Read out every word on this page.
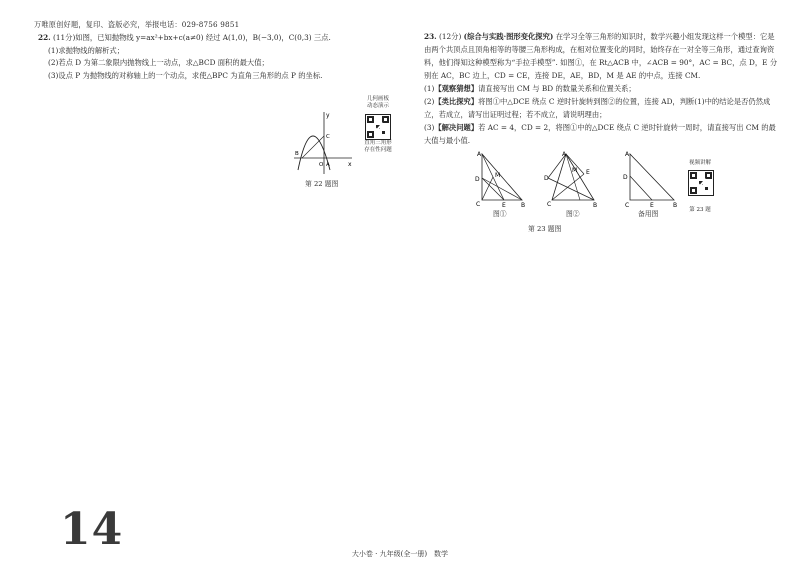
万唯原创好题，复印、盗版必究，举报电话：029-8756 9851
22. (11分)如图，已知抛物线 y=ax²+bx+c(a≠0) 经过 A(1,0)，B(−3,0)，C(0,3) 三点.
(1)求抛物线的解析式；
(2)若点 D 为第二象限内抛物线上一动点，求△BCD 面积的最大值；
(3)设点 P 为抛物线的对称轴上的一个动点，求使△BPC 为直角三角形的点 P 的坐标.
y
x
O A
B
C
第 22 题图
几何画板
动态演示
直角三角形
存在性问题
23. (12分) (综合与实践·图形变化探究) 在学习全等三角形的知识时，数学兴趣小组发现这样一个模型：它是由两个共顶点且顶角相等的等腰三角形构成，在相对位置变化的同时，始终存在一对全等三角形，通过查询资料，他们得知这种模型称为“手拉手模型”. 如图①，在 Rt△ACB 中，∠ACB = 90°，AC = BC，点 D，E 分别在 AC，BC 边上，CD = CE，连接 DE，AE，BD，M 是 AE 的中点，连接 CM.
(1)【观察猜想】请直接写出 CM 与 BD 的数量关系和位置关系；
(2)【类比探究】将图①中△DCE 绕点 C 逆时针旋转到图②的位置，连接 AD，判断(1)中的结论是否仍然成立，若成立，请写出证明过程；若不成立，请说明理由；
(3)【解决问题】若 AC = 4，CD = 2，将图①中的△DCE 绕点 C 逆时针旋转一周时，请直接写出 CM 的最大值与最小值.
A
D
C	E	B
M
图①
A
D
C
E
B
M
图②
A
D
C	E	B
备用图
视频讲解
第 23 题
第 23 题图
14	大小卷 · 九年级(全一册)　数学
